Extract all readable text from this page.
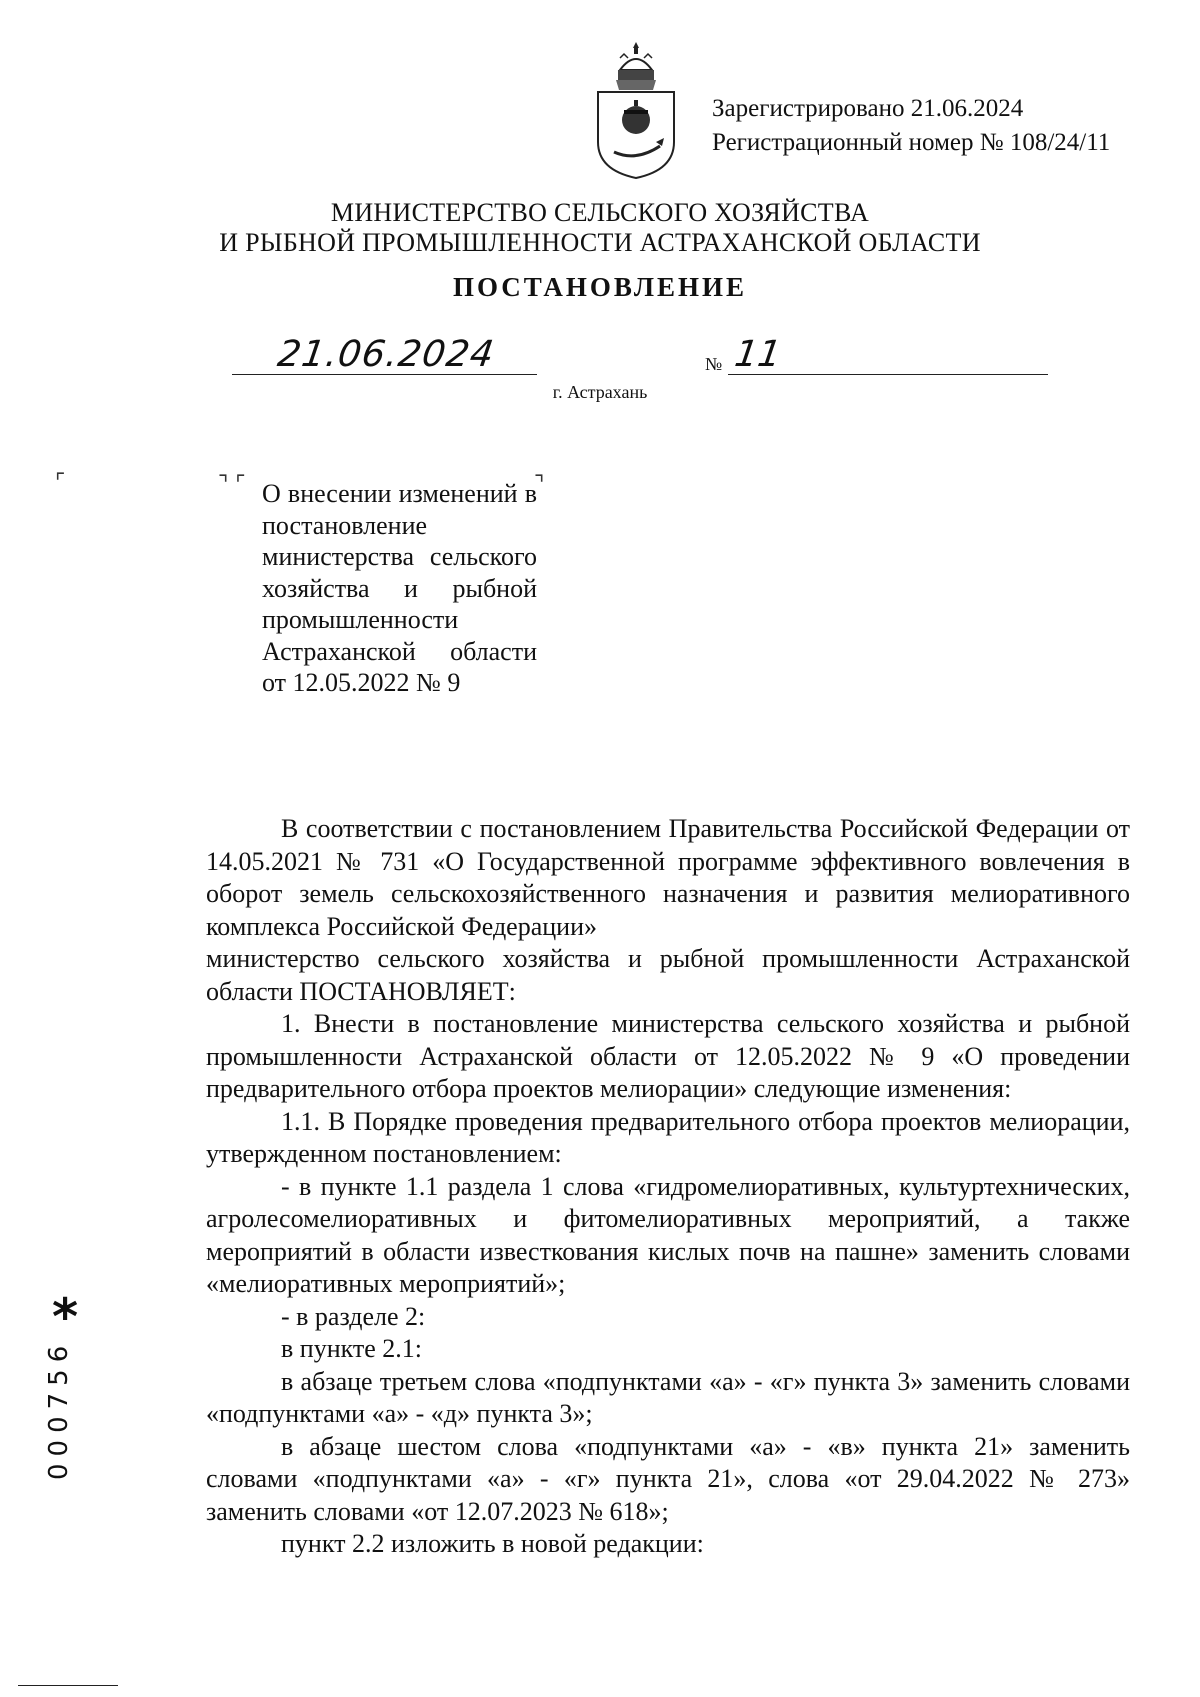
Зарегистрировано 21.06.2024
Регистрационный номер № 108/24/11
МИНИСТЕРСТВО СЕЛЬСКОГО ХОЗЯЙСТВА
И РЫБНОЙ ПРОМЫШЛЕННОСТИ АСТРАХАНСКОЙ ОБЛАСТИ
ПОСТАНОВЛЕНИЕ
21.06.2024	№ 11
г. Астрахань
⌜	⌝ ⌜	⌝
О внесении изменений в постановление министерства сельского хозяйства и рыбной промышленности Астраханской области от 12.05.2022 № 9

В соответствии с постановлением Правительства Российской Федерации от 14.05.2021 № 731 «О Государственной программе эффективного вовлечения в оборот земель сельскохозяйственного назначения и развития мелиоративного комплекса Российской Федерации»

министерство сельского хозяйства и рыбной промышленности Астраханской области ПОСТАНОВЛЯЕТ:

1. Внести в постановление министерства сельского хозяйства и рыбной промышленности Астраханской области от 12.05.2022 № 9 «О проведении предварительного отбора проектов мелиорации» следующие изменения:

1.1. В Порядке проведения предварительного отбора проектов мелиорации, утвержденном постановлением:

- в пункте 1.1 раздела 1 слова «гидромелиоративных, культуртехнических, агролесомелиоративных и фитомелиоративных мероприятий, а также мероприятий в области известкования кислых почв на пашне» заменить словами «мелиоративных мероприятий»;

- в разделе 2:

в пункте 2.1:

в абзаце третьем слова «подпунктами «а» - «г» пункта 3» заменить словами «подпунктами «а» - «д» пункта 3»;

в абзаце шестом слова «подпунктами «а» - «в» пункта 21» заменить словами «подпунктами «а» - «г» пункта 21», слова «от 29.04.2022 № 273» заменить словами «от 12.07.2023 № 618»;

пункт 2.2 изложить в новой редакции:

*
000756
